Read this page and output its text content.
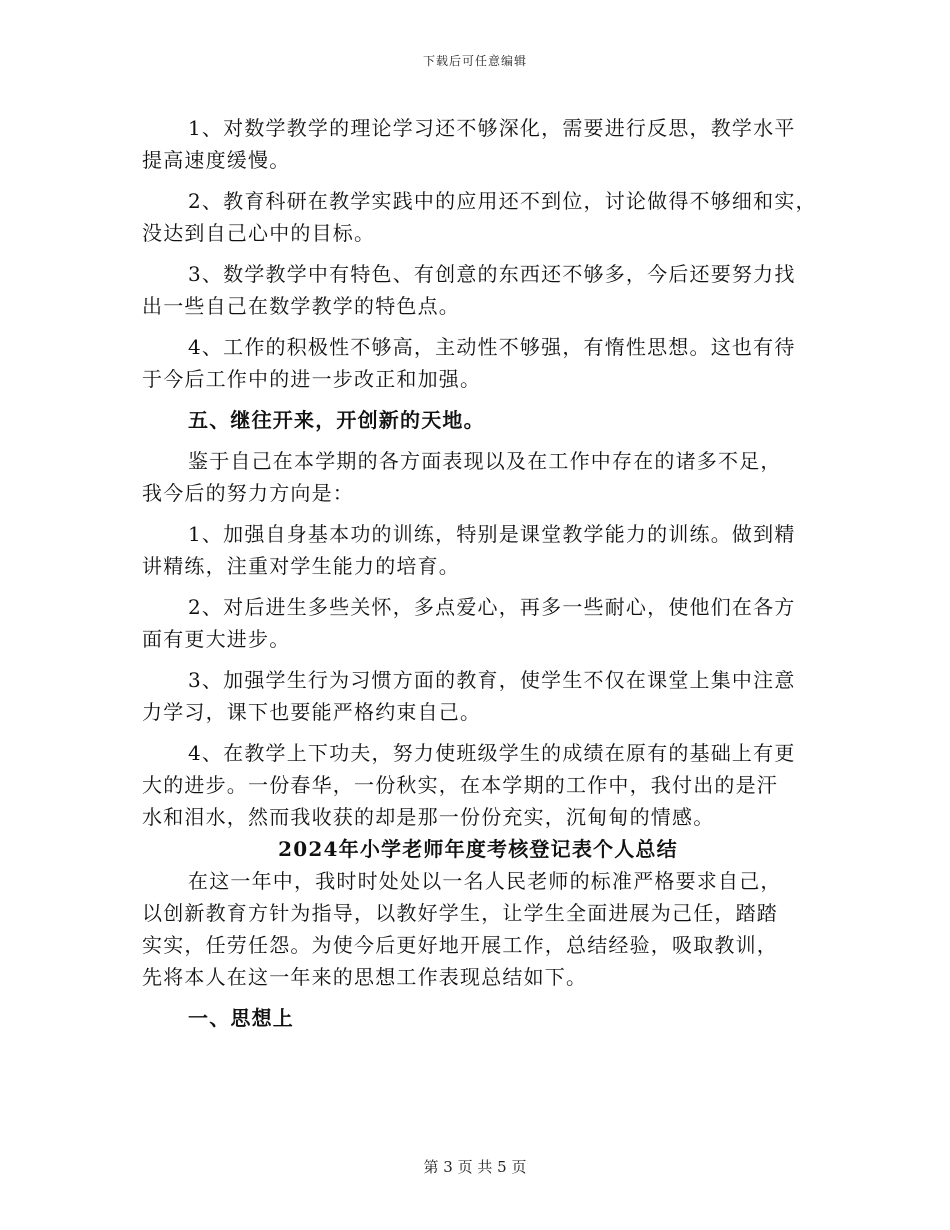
下载后可任意编辑
1、对数学教学的理论学习还不够深化，需要进行反思，教学水平
提高速度缓慢。
2、教育科研在教学实践中的应用还不到位，讨论做得不够细和实，
没达到自己心中的目标。
3、数学教学中有特色、有创意的东西还不够多，今后还要努力找
出一些自己在数学教学的特色点。
4、工作的积极性不够高，主动性不够强，有惰性思想。这也有待
于今后工作中的进一步改正和加强。
五、继往开来，开创新的天地。
鉴于自己在本学期的各方面表现以及在工作中存在的诸多不足，
我今后的努力方向是：
1、加强自身基本功的训练，特别是课堂教学能力的训练。做到精
讲精练，注重对学生能力的培育。
2、对后进生多些关怀，多点爱心，再多一些耐心，使他们在各方
面有更大进步。
3、加强学生行为习惯方面的教育，使学生不仅在课堂上集中注意
力学习，课下也要能严格约束自己。
4、在教学上下功夫，努力使班级学生的成绩在原有的基础上有更
大的进步。一份春华，一份秋实，在本学期的工作中，我付出的是汗
水和泪水，然而我收获的却是那一份份充实，沉甸甸的情感。
2024年小学老师年度考核登记表个人总结
在这一年中，我时时处处以一名人民老师的标准严格要求自己，
以创新教育方针为指导，以教好学生，让学生全面进展为己任，踏踏
实实，任劳任怨。为使今后更好地开展工作，总结经验，吸取教训，
先将本人在这一年来的思想工作表现总结如下。
一、思想上
第 3 页 共 5 页
